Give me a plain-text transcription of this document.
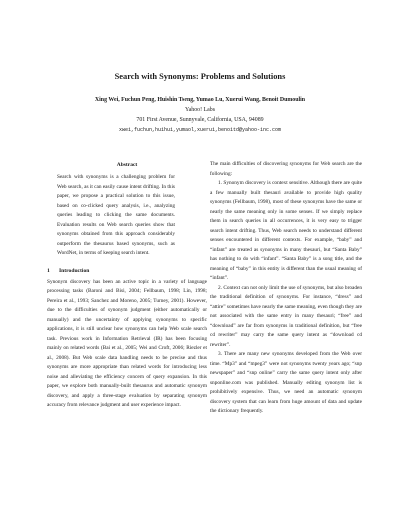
Search with Synonyms: Problems and Solutions
Xing Wei, Fuchun Peng, Huishin Tseng, Yumao Lu, Xuerui Wang, Benoit Dumoulin
Yahoo! Labs
701 First Avenue, Sunnyvale, California, USA, 94089
xwei,fuchun,huihui,yumaol,xuerui,benoitd@yahoo-inc.com
Abstract

Search with synonyms is a challenging problem for Web search, as it can easily cause intent drifting. In this paper, we propose a practical solution to this issue, based on co-clicked query analysis, i.e., analyzing queries leading to clicking the same documents. Evaluation results on Web search queries show that synonyms obtained from this approach considerably outperform the thesaurus based synonyms, such as WordNet, in terms of keeping search intent.

1 Introduction

Synonym discovery has been an active topic in a variety of language processing tasks (Baroni and Bisi, 2004; Fellbaum, 1998; Lin, 1998; Pereira et al., 1993; Sanchez and Moreno, 2005; Turney, 2001). However, due to the difficulties of synonym judgment (either automatically or manually) and the uncertainty of applying synonyms to specific applications, it is still unclear how synonyms can help Web scale search task. Previous work in Information Retrieval (IR) has been focusing mainly on related words (Bai et al., 2005; Wei and Croft, 2006; Riezler et al., 2008). But Web scale data handling needs to be precise and thus synonyms are more appropriate than related words for introducing less noise and alleviating the efficiency concern of query expansion. In this paper, we explore both manually-built thesaurus and automatic synonym discovery, and apply a three-stage evaluation by separating synonym accuracy from relevance judgment and user experience impact.

The main difficulties of discovering synonyms for Web search are the following:

1. Synonym discovery is context sensitive. Although there are quite a few manually built thesauri available to provide high quality synonyms (Fellbaum, 1998), most of these synonyms have the same or nearly the same meaning only in some senses. If we simply replace them in search queries in all occurrences, it is very easy to trigger search intent drifting. Thus, Web search needs to understand different senses encountered in different contexts. For example, “baby” and “infant” are treated as synonyms in many thesauri, but “Santa Baby” has nothing to do with “infant”. “Santa Baby” is a song title, and the meaning of “baby” in this entity is different than the usual meaning of “infant”.

2. Context can not only limit the use of synonyms, but also broaden the traditional definition of synonyms. For instance, “dress” and “attire” sometimes have nearly the same meaning, even though they are not associated with the same entry in many thesauri; “free” and “download” are far from synonyms in traditional definition, but “free cd rewriter” may carry the same query intent as “download cd rewriter”.

3. There are many new synonyms developed from the Web over time. “Mp3” and “mpeg3” were not synonyms twenty years ago; “snp newspaper” and “snp online” carry the same query intent only after snponline.com was published. Manually editing synonym list is prohibitively expensive. Thus, we need an automatic synonym discovery system that can learn from huge amount of data and update the dictionary frequently.
